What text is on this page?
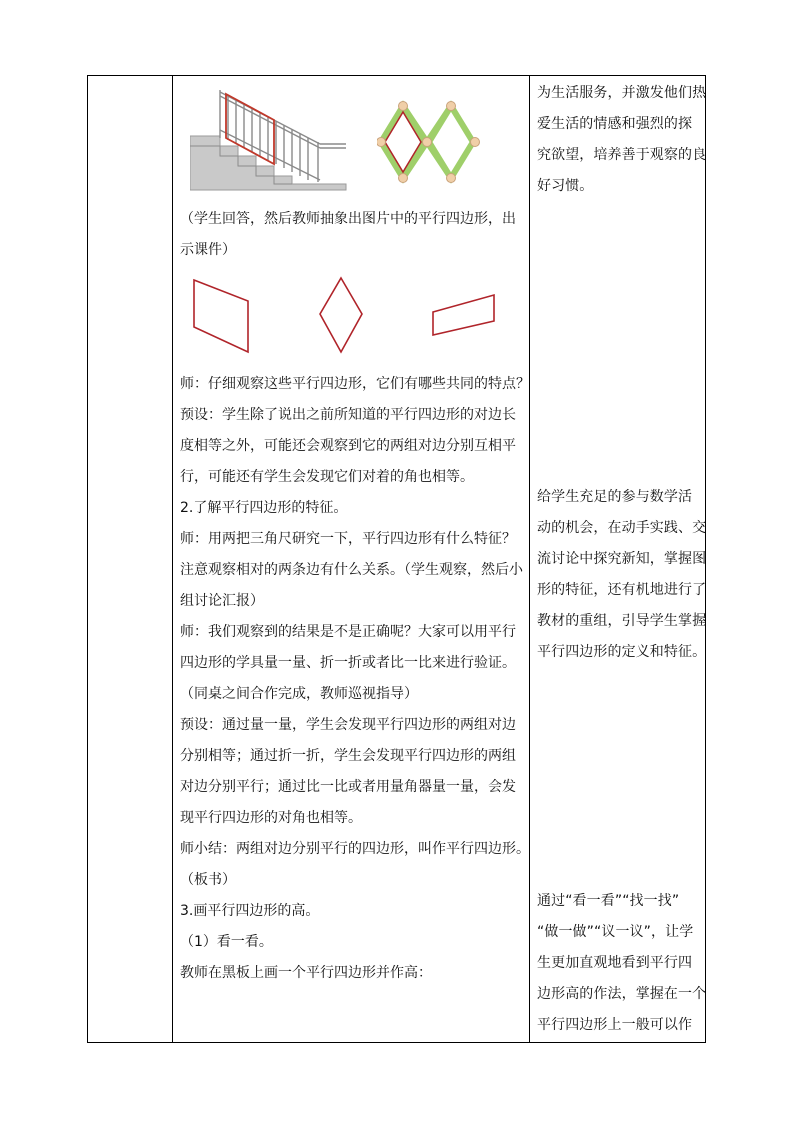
（学生回答，然后教师抽象出图片中的平行四边形，出
示课件）
师：仔细观察这些平行四边形，它们有哪些共同的特点？
预设：学生除了说出之前所知道的平行四边形的对边长
度相等之外，可能还会观察到它的两组对边分别互相平
行，可能还有学生会发现它们对着的角也相等。
2.了解平行四边形的特征。
师：用两把三角尺研究一下，平行四边形有什么特征？
注意观察相对的两条边有什么关系。（学生观察，然后小
组讨论汇报）
师：我们观察到的结果是不是正确呢？大家可以用平行
四边形的学具量一量、折一折或者比一比来进行验证。
（同桌之间合作完成，教师巡视指导）
预设：通过量一量，学生会发现平行四边形的两组对边
分别相等；通过折一折，学生会发现平行四边形的两组
对边分别平行；通过比一比或者用量角器量一量，会发
现平行四边形的对角也相等。
师小结：两组对边分别平行的四边形，叫作平行四边形。
（板书）
3.画平行四边形的高。
（1）看一看。
教师在黑板上画一个平行四边形并作高：
为生活服务，并激发他们热
爱生活的情感和强烈的探
究欲望，培养善于观察的良
好习惯。
给学生充足的参与数学活
动的机会，在动手实践、交
流讨论中探究新知，掌握图
形的特征，还有机地进行了
教材的重组，引导学生掌握
平行四边形的定义和特征。
通过“看一看”“找一找”
“做一做”“议一议”，让学
生更加直观地看到平行四
边形高的作法，掌握在一个
平行四边形上一般可以作
